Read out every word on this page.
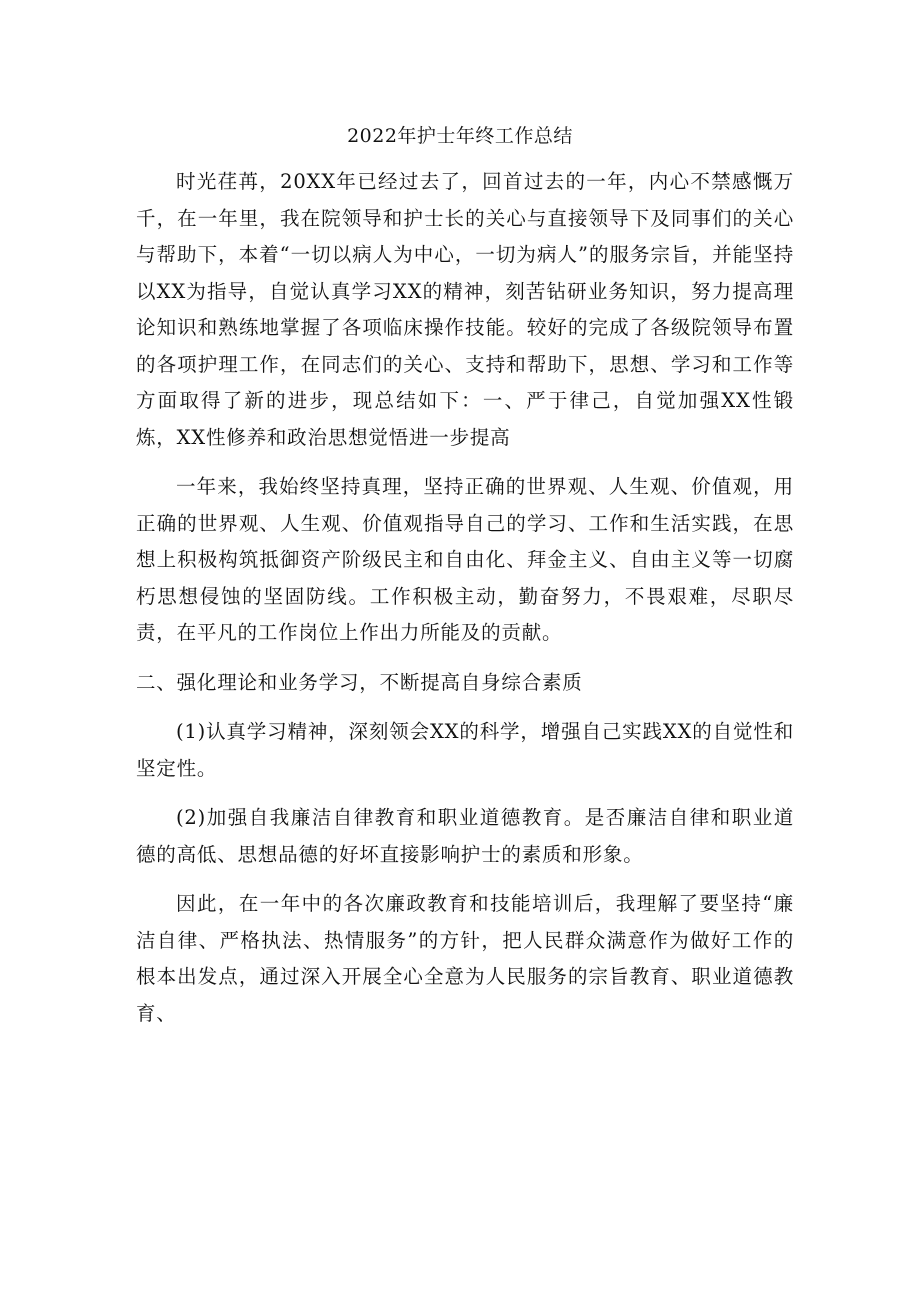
2022年护士年终工作总结

时光荏苒，20XX年已经过去了，回首过去的一年，内心不禁感慨万千，在一年里，我在院领导和护士长的关心与直接领导下及同事们的关心与帮助下，本着“一切以病人为中心，一切为病人”的服务宗旨，并能坚持以XX为指导，自觉认真学习XX的精神，刻苦钻研业务知识，努力提高理论知识和熟练地掌握了各项临床操作技能。较好的完成了各级院领导布置的各项护理工作，在同志们的关心、支持和帮助下，思想、学习和工作等方面取得了新的进步，现总结如下：一、严于律己，自觉加强XX性锻炼，XX性修养和政治思想觉悟进一步提高

一年来，我始终坚持真理，坚持正确的世界观、人生观、价值观，用正确的世界观、人生观、价值观指导自己的学习、工作和生活实践，在思想上积极构筑抵御资产阶级民主和自由化、拜金主义、自由主义等一切腐朽思想侵蚀的坚固防线。工作积极主动，勤奋努力，不畏艰难，尽职尽责，在平凡的工作岗位上作出力所能及的贡献。

二、强化理论和业务学习，不断提高自身综合素质

(1)认真学习精神，深刻领会XX的科学，增强自己实践XX的自觉性和坚定性。

(2)加强自我廉洁自律教育和职业道德教育。是否廉洁自律和职业道德的高低、思想品德的好坏直接影响护士的素质和形象。

因此，在一年中的各次廉政教育和技能培训后，我理解了要坚持“廉洁自律、严格执法、热情服务”的方针，把人民群众满意作为做好工作的根本出发点，通过深入开展全心全意为人民服务的宗旨教育、职业道德教育、
